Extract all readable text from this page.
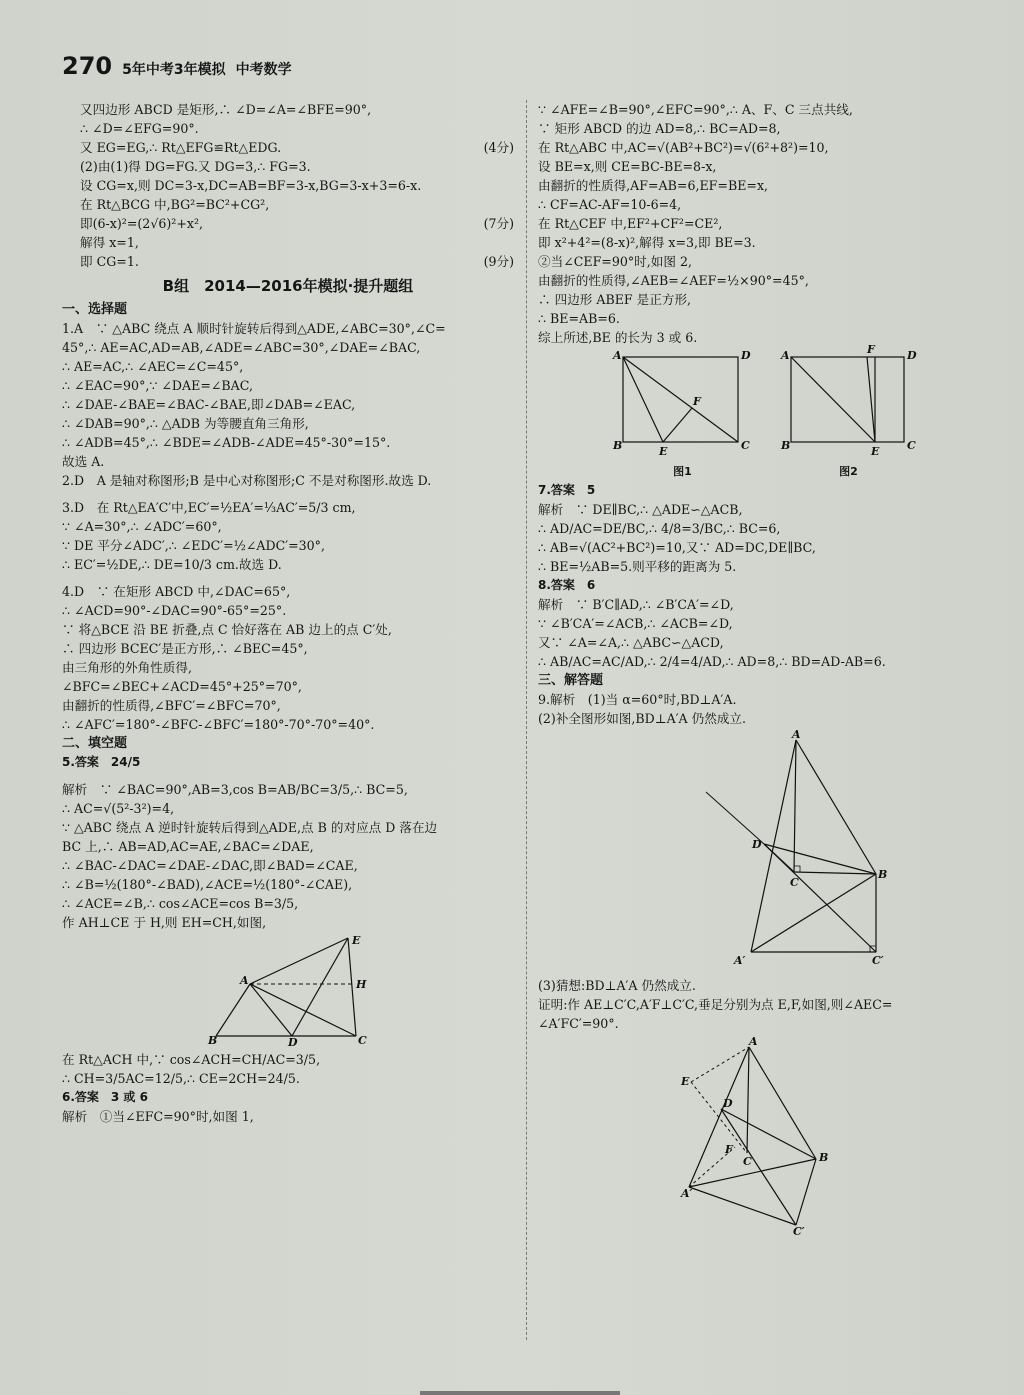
270 5年中考3年模拟 中考数学
又四边形 ABCD 是矩形,∴ ∠D=∠A=∠BFE=90°,
∴ ∠D=∠EFG=90°.
又 EG=EG,∴ Rt△EFG≌Rt△EDG.	(4分)
(2)由(1)得 DG=FG.又 DG=3,∴ FG=3.
设 CG=x,则 DC=3-x,DC=AB=BF=3-x,BG=3-x+3=6-x.
在 Rt△BCG 中,BG²=BC²+CG²,
即(6-x)²=(2√6)²+x²,	(7分)
解得 x=1,
即 CG=1.	(9分)
B组　2014—2016年模拟·提升题组
一、选择题
1.A　∵ △ABC 绕点 A 顺时针旋转后得到△ADE,∠ABC=30°,∠C=
45°,∴ AE=AC,AD=AB,∠ADE=∠ABC=30°,∠DAE=∠BAC,
∴ AE=AC,∴ ∠AEC=∠C=45°,
∴ ∠EAC=90°,∵ ∠DAE=∠BAC,
∴ ∠DAE-∠BAE=∠BAC-∠BAE,即∠DAB=∠EAC,
∴ ∠DAB=90°,∴ △ADB 为等腰直角三角形,
∴ ∠ADB=45°,∴ ∠BDE=∠ADB-∠ADE=45°-30°=15°.
故选 A.
2.D　A 是轴对称图形;B 是中心对称图形;C 不是对称图形.故选 D.
3.D　在 Rt△EA′C′中,EC′=½EA′=⅓AC′=5/3 cm,
∵ ∠A=30°,∴ ∠ADC′=60°,
∵ DE 平分∠ADC′,∴ ∠EDC′=½∠ADC′=30°,
∴ EC′=½DE,∴ DE=10/3 cm.故选 D.
4.D　∵ 在矩形 ABCD 中,∠DAC=65°,
∴ ∠ACD=90°-∠DAC=90°-65°=25°.
∵ 将△BCE 沿 BE 折叠,点 C 恰好落在 AB 边上的点 C′处,
∴ 四边形 BCEC′是正方形,∴ ∠BEC=45°,
由三角形的外角性质得,
∠BFC=∠BEC+∠ACD=45°+25°=70°,
由翻折的性质得,∠BFC′=∠BFC=70°,
∴ ∠AFC′=180°-∠BFC-∠BFC′=180°-70°-70°=40°.
二、填空题
5.答案　24/5
解析　∵ ∠BAC=90°,AB=3,cos B=AB/BC=3/5,∴ BC=5,
∴ AC=√(5²-3²)=4,
∵ △ABC 绕点 A 逆时针旋转后得到△ADE,点 B 的对应点 D 落在边
BC 上,∴ AB=AD,AC=AE,∠BAC=∠DAE,
∴ ∠BAC-∠DAC=∠DAE-∠DAC,即∠BAD=∠CAE,
∴ ∠B=½(180°-∠BAD),∠ACE=½(180°-∠CAE),
∴ ∠ACE=∠B,∴ cos∠ACE=cos B=3/5,
作 AH⊥CE 于 H,则 EH=CH,如图,
B
A
D	C
E
H
在 Rt△ACH 中,∵ cos∠ACH=CH/AC=3/5,
∴ CH=3/5AC=12/5,∴ CE=2CH=24/5.
6.答案　3 或 6
解析　①当∠EFC=90°时,如图 1,
∵ ∠AFE=∠B=90°,∠EFC=90°,∴ A、F、C 三点共线,
∵ 矩形 ABCD 的边 AD=8,∴ BC=AD=8,
在 Rt△ABC 中,AC=√(AB²+BC²)=√(6²+8²)=10,
设 BE=x,则 CE=BC-BE=8-x,
由翻折的性质得,AF=AB=6,EF=BE=x,
∴ CF=AC-AF=10-6=4,
在 Rt△CEF 中,EF²+CF²=CE²,
即 x²+4²=(8-x)²,解得 x=3,即 BE=3.
②当∠CEF=90°时,如图 2,
由翻折的性质得,∠AEB=∠AEF=½×90°=45°,
∴ 四边形 ABEF 是正方形,
∴ BE=AB=6.
综上所述,BE 的长为 3 或 6.
A	D
B	C
E
F
图1
A	F	D
B	E	C
图2
7.答案　5
解析　∵ DE∥BC,∴ △ADE∽△ACB,
∴ AD/AC=DE/BC,∴ 4/8=3/BC,∴ BC=6,
∴ AB=√(AC²+BC²)=10,又∵ AD=DC,DE∥BC,
∴ BE=½AB=5.则平移的距离为 5.
8.答案　6
解析　∵ B′C∥AD,∴ ∠B′CA′=∠D,
∵ ∠B′CA′=∠ACB,∴ ∠ACB=∠D,
又∵ ∠A=∠A,∴ △ABC∽△ACD,
∴ AB/AC=AC/AD,∴ 2/4=4/AD,∴ AD=8,∴ BD=AD-AB=6.
三、解答题
9.解析　(1)当 α=60°时,BD⊥A′A.
(2)补全图形如图,BD⊥A′A 仍然成立.
A
D
C
B
A′	C′
(3)猜想:BD⊥A′A 仍然成立.
证明:作 AE⊥C′C,A′F⊥C′C,垂足分别为点 E,F,如图,则∠AEC=
∠A′FC′=90°.
A
E
D
F
C	B
A′
C′
